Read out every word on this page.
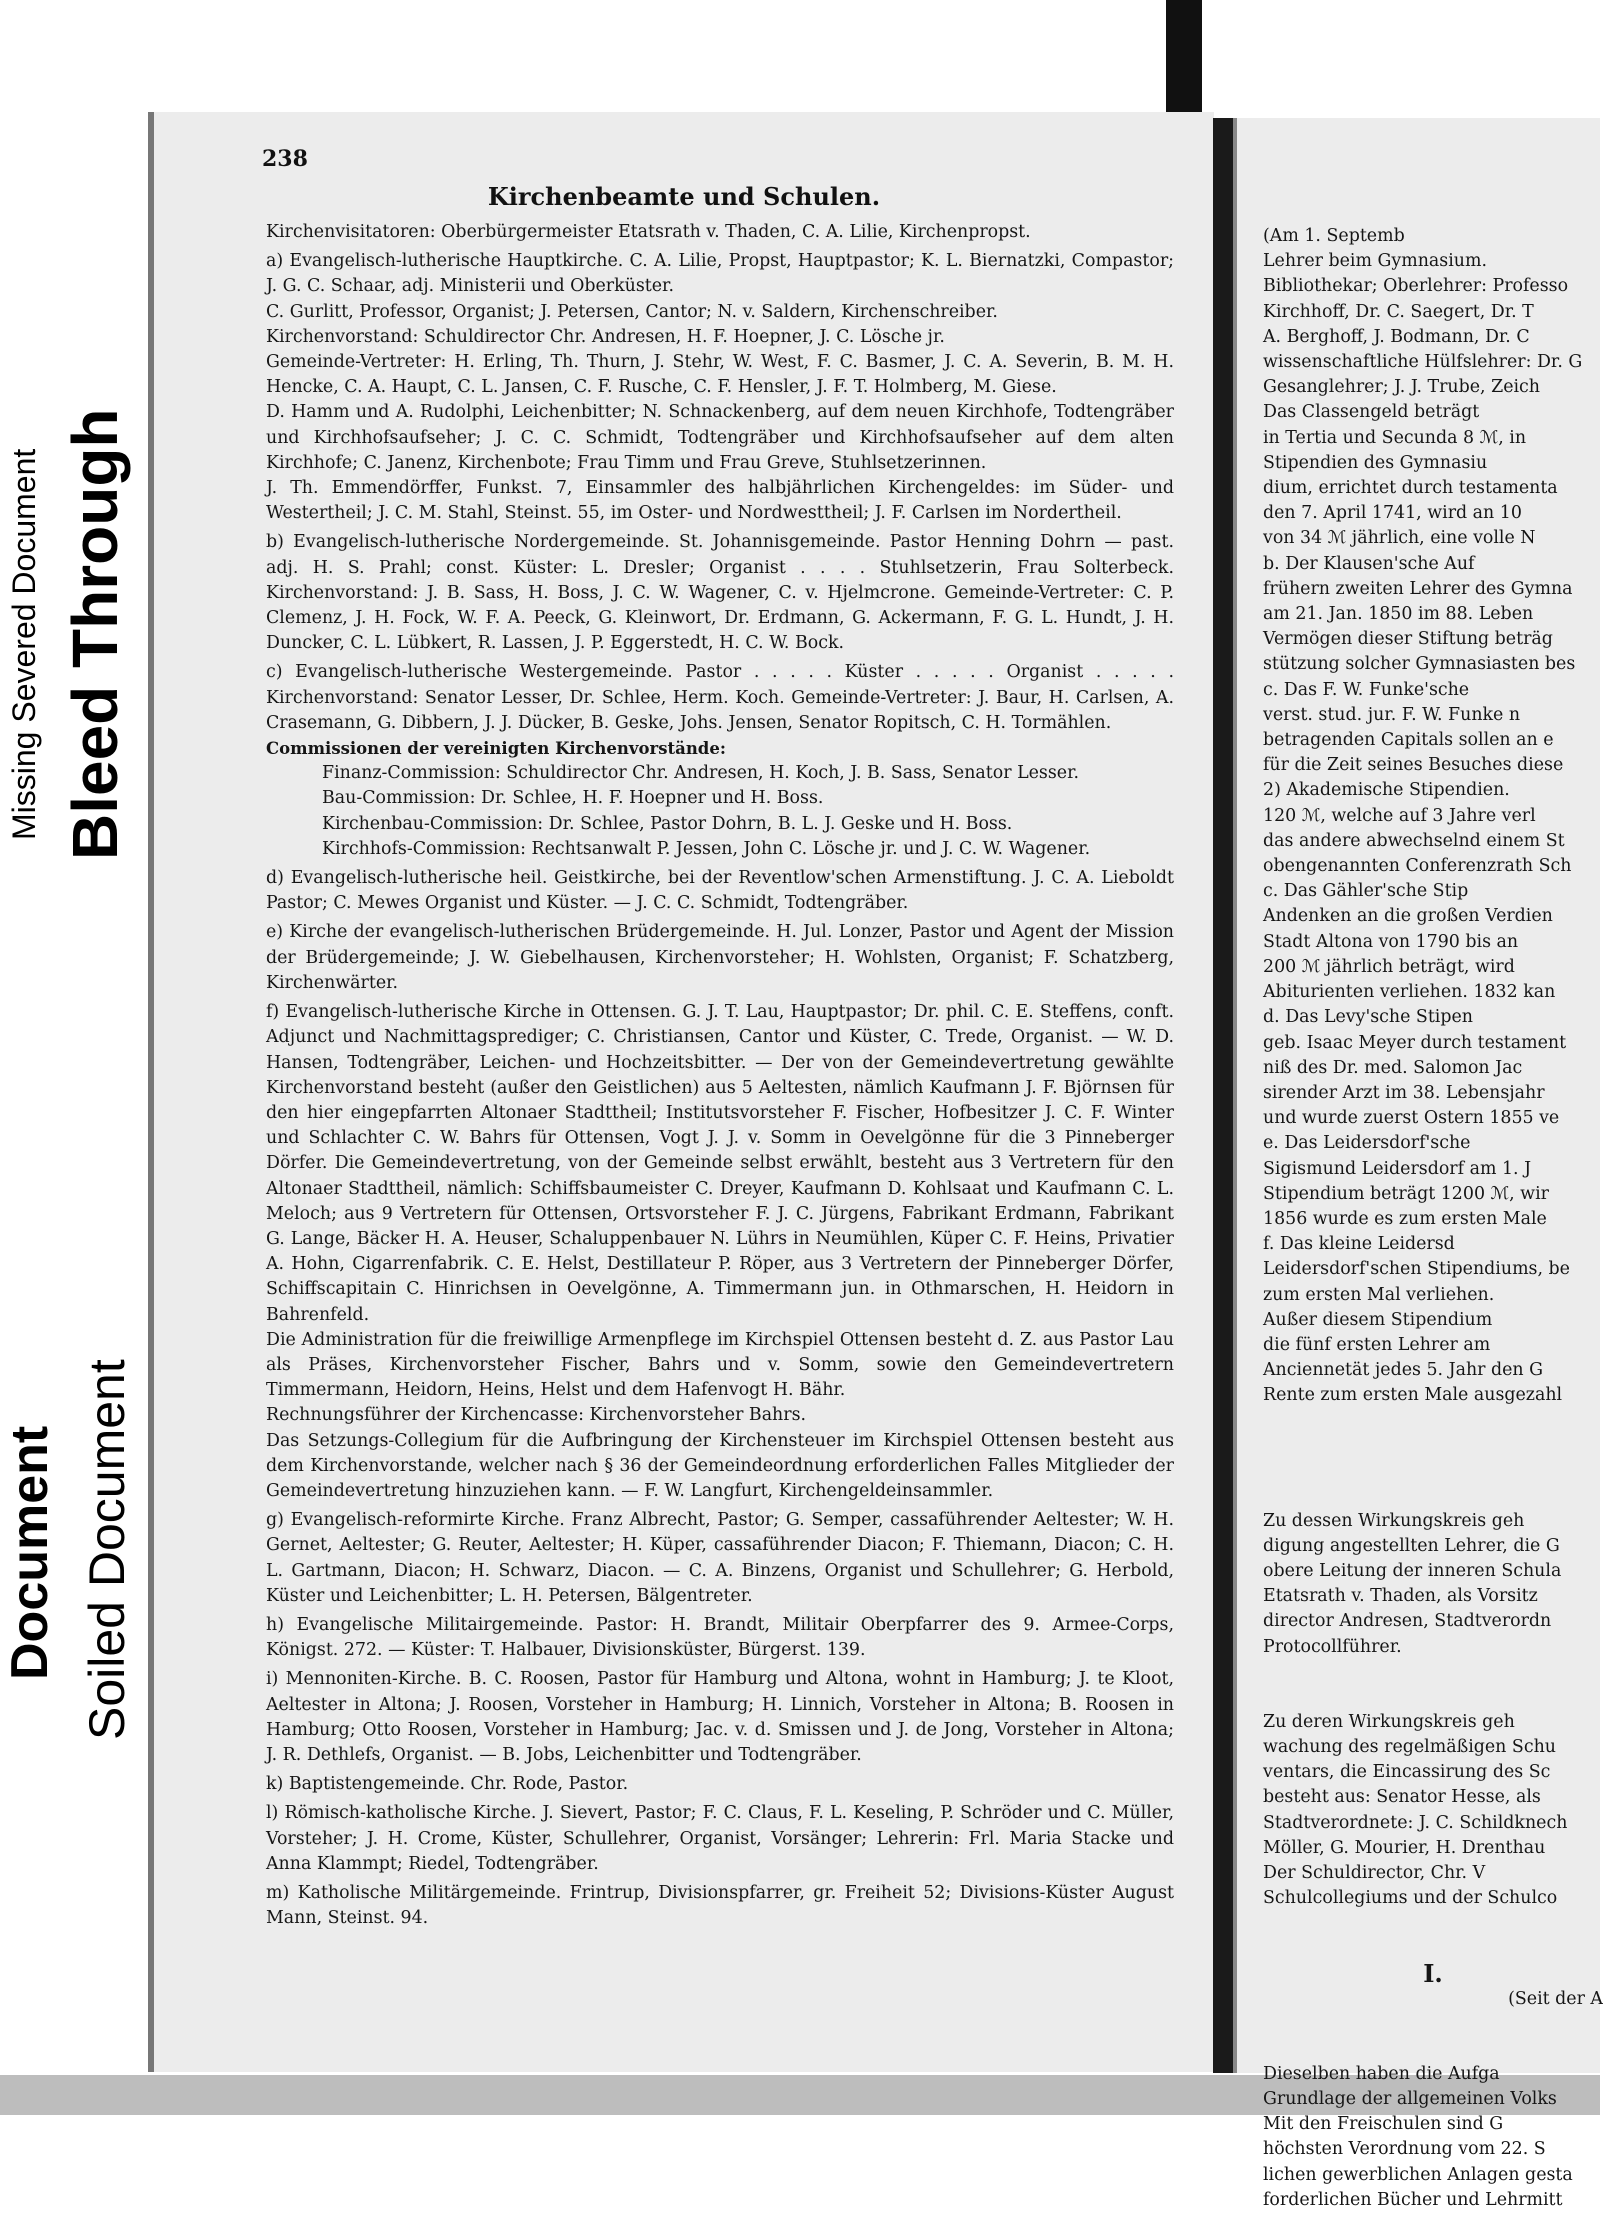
Missing Severed Document
Document
Bleed Through
Soiled Document
238
Kirchenbeamte und Schulen.

Kirchenvisitatoren: Oberbürgermeister Etatsrath v. Thaden, C. A. Lilie, Kirchenpropst.

a) Evangelisch-lutherische Hauptkirche. C. A. Lilie, Propst, Hauptpastor; K. L. Biernatzki, Compastor; J. G. C. Schaar, adj. Ministerii und Oberküster.

C. Gurlitt, Professor, Organist; J. Petersen, Cantor; N. v. Saldern, Kirchenschreiber.

Kirchenvorstand: Schuldirector Chr. Andresen, H. F. Hoepner, J. C. Lösche jr.

Gemeinde-Vertreter: H. Erling, Th. Thurn, J. Stehr, W. West, F. C. Basmer, J. C. A. Severin, B. M. H. Hencke, C. A. Haupt, C. L. Jansen, C. F. Rusche, C. F. Hensler, J. F. T. Holmberg, M. Giese.

D. Hamm und A. Rudolphi, Leichenbitter; N. Schnackenberg, auf dem neuen Kirchhofe, Todtengräber und Kirchhofsaufseher; J. C. C. Schmidt, Todtengräber und Kirchhofsaufseher auf dem alten Kirchhofe; C. Janenz, Kirchenbote; Frau Timm und Frau Greve, Stuhlsetzerinnen.

J. Th. Emmendörffer, Funkst. 7, Einsammler des halbjährlichen Kirchengeldes: im Süder- und Westertheil; J. C. M. Stahl, Steinst. 55, im Oster- und Nordwesttheil; J. F. Carlsen im Nordertheil.

b) Evangelisch-lutherische Nordergemeinde. St. Johannisgemeinde. Pastor Henning Dohrn — past. adj. H. S. Prahl; const. Küster: L. Dresler; Organist . . . . Stuhlsetzerin, Frau Solterbeck. Kirchenvorstand: J. B. Sass, H. Boss, J. C. W. Wagener, C. v. Hjelmcrone. Gemeinde-Vertreter: C. P. Clemenz, J. H. Fock, W. F. A. Peeck, G. Kleinwort, Dr. Erdmann, G. Ackermann, F. G. L. Hundt, J. H. Duncker, C. L. Lübkert, R. Lassen, J. P. Eggerstedt, H. C. W. Bock.

c) Evangelisch-lutherische Westergemeinde. Pastor . . . . . Küster . . . . . Organist . . . . . Kirchenvorstand: Senator Lesser, Dr. Schlee, Herm. Koch. Gemeinde-Vertreter: J. Baur, H. Carlsen, A. Crasemann, G. Dibbern, J. J. Dücker, B. Geske, Johs. Jensen, Senator Ropitsch, C. H. Tormählen.

Commissionen der vereinigten Kirchenvorstände:

Finanz-Commission: Schuldirector Chr. Andresen, H. Koch, J. B. Sass, Senator Lesser.

Bau-Commission: Dr. Schlee, H. F. Hoepner und H. Boss.

Kirchenbau-Commission: Dr. Schlee, Pastor Dohrn, B. L. J. Geske und H. Boss.

Kirchhofs-Commission: Rechtsanwalt P. Jessen, John C. Lösche jr. und J. C. W. Wagener.

d) Evangelisch-lutherische heil. Geistkirche, bei der Reventlow'schen Armenstiftung. J. C. A. Lieboldt Pastor; C. Mewes Organist und Küster. — J. C. C. Schmidt, Todtengräber.

e) Kirche der evangelisch-lutherischen Brüdergemeinde. H. Jul. Lonzer, Pastor und Agent der Mission der Brüdergemeinde; J. W. Giebelhausen, Kirchenvorsteher; H. Wohlsten, Organist; F. Schatzberg, Kirchenwärter.

f) Evangelisch-lutherische Kirche in Ottensen. G. J. T. Lau, Hauptpastor; Dr. phil. C. E. Steffens, conft. Adjunct und Nachmittagsprediger; C. Christiansen, Cantor und Küster, C. Trede, Organist. — W. D. Hansen, Todtengräber, Leichen- und Hochzeitsbitter. — Der von der Gemeindevertretung gewählte Kirchenvorstand besteht (außer den Geistlichen) aus 5 Aeltesten, nämlich Kaufmann J. F. Björnsen für den hier eingepfarrten Altonaer Stadttheil; Institutsvorsteher F. Fischer, Hofbesitzer J. C. F. Winter und Schlachter C. W. Bahrs für Ottensen, Vogt J. J. v. Somm in Oevelgönne für die 3 Pinneberger Dörfer. Die Gemeindevertretung, von der Gemeinde selbst erwählt, besteht aus 3 Vertretern für den Altonaer Stadttheil, nämlich: Schiffsbaumeister C. Dreyer, Kaufmann D. Kohlsaat und Kaufmann C. L. Meloch; aus 9 Vertretern für Ottensen, Ortsvorsteher F. J. C. Jürgens, Fabrikant Erdmann, Fabrikant G. Lange, Bäcker H. A. Heuser, Schaluppenbauer N. Lührs in Neumühlen, Küper C. F. Heins, Privatier A. Hohn, Cigarrenfabrik. C. E. Helst, Destillateur P. Röper, aus 3 Vertretern der Pinneberger Dörfer, Schiffscapitain C. Hinrichsen in Oevelgönne, A. Timmermann jun. in Othmarschen, H. Heidorn in Bahrenfeld.

Die Administration für die freiwillige Armenpflege im Kirchspiel Ottensen besteht d. Z. aus Pastor Lau als Präses, Kirchenvorsteher Fischer, Bahrs und v. Somm, sowie den Gemeindevertretern Timmermann, Heidorn, Heins, Helst und dem Hafenvogt H. Bähr.

Rechnungsführer der Kirchencasse: Kirchenvorsteher Bahrs.

Das Setzungs-Collegium für die Aufbringung der Kirchensteuer im Kirchspiel Ottensen besteht aus dem Kirchenvorstande, welcher nach § 36 der Gemeindeordnung erforderlichen Falles Mitglieder der Gemeindevertretung hinzuziehen kann. — F. W. Langfurt, Kirchengeldeinsammler.

g) Evangelisch-reformirte Kirche. Franz Albrecht, Pastor; G. Semper, cassaführender Aeltester; W. H. Gernet, Aeltester; G. Reuter, Aeltester; H. Küper, cassaführender Diacon; F. Thiemann, Diacon; C. H. L. Gartmann, Diacon; H. Schwarz, Diacon. — C. A. Binzens, Organist und Schullehrer; G. Herbold, Küster und Leichenbitter; L. H. Petersen, Bälgentreter.

h) Evangelische Militairgemeinde. Pastor: H. Brandt, Militair Oberpfarrer des 9. Armee-Corps, Königst. 272. — Küster: T. Halbauer, Divisionsküster, Bürgerst. 139.

i) Mennoniten-Kirche. B. C. Roosen, Pastor für Hamburg und Altona, wohnt in Hamburg; J. te Kloot, Aeltester in Altona; J. Roosen, Vorsteher in Hamburg; H. Linnich, Vorsteher in Altona; B. Roosen in Hamburg; Otto Roosen, Vorsteher in Hamburg; Jac. v. d. Smissen und J. de Jong, Vorsteher in Altona; J. R. Dethlefs, Organist. — B. Jobs, Leichenbitter und Todtengräber.

k) Baptistengemeinde. Chr. Rode, Pastor.

l) Römisch-katholische Kirche. J. Sievert, Pastor; F. C. Claus, F. L. Keseling, P. Schröder und C. Müller, Vorsteher; J. H. Crome, Küster, Schullehrer, Organist, Vorsänger; Lehrerin: Frl. Maria Stacke und Anna Klammpt; Riedel, Todtengräber.

m) Katholische Militärgemeinde. Frintrup, Divisionspfarrer, gr. Freiheit 52; Divisions-Küster August Mann, Steinst. 94.

(Am 1. Septemb

Lehrer beim Gymnasium.

Bibliothekar; Oberlehrer: Professo

Kirchhoff, Dr. C. Saegert, Dr. T

A. Berghoff, J. Bodmann, Dr. C

wissenschaftliche Hülfslehrer: Dr. G

Gesanglehrer; J. J. Trube, Zeich

Das Classengeld beträgt

in Tertia und Secunda 8 ℳ, in

Stipendien des Gymnasiu

dium, errichtet durch testamenta

den 7. April 1741, wird an 10

von 34 ℳ jährlich, eine volle N

b. Der Klausen'sche Auf

frühern zweiten Lehrer des Gymna

am 21. Jan. 1850 im 88. Leben

Vermögen dieser Stiftung beträg

stützung solcher Gymnasiasten bes

c. Das F. W. Funke'sche

verst. stud. jur. F. W. Funke n

betragenden Capitals sollen an e

für die Zeit seines Besuches diese

2) Akademische Stipendien.

120 ℳ, welche auf 3 Jahre verl

das andere abwechselnd einem St

obengenannten Conferenzrath Sch

c. Das Gähler'sche Stip

Andenken an die großen Verdien

Stadt Altona von 1790 bis an

200 ℳ jährlich beträgt, wird

Abiturienten verliehen. 1832 kan

d. Das Levy'sche Stipen

geb. Isaac Meyer durch testament

niß des Dr. med. Salomon Jac

sirender Arzt im 38. Lebensjahr

und wurde zuerst Ostern 1855 ve

e. Das Leidersdorf'sche

Sigismund Leidersdorf am 1. J

Stipendium beträgt 1200 ℳ, wir

1856 wurde es zum ersten Male

f. Das kleine Leidersd

Leidersdorf'schen Stipendiums, be

zum ersten Mal verliehen.

Außer diesem Stipendium

die fünf ersten Lehrer am

Anciennetät jedes 5. Jahr den G

Rente zum ersten Male ausgezahl

Zu dessen Wirkungskreis geh

digung angestellten Lehrer, die G

obere Leitung der inneren Schula

Etatsrath v. Thaden, als Vorsitz

director Andresen, Stadtverordn

Protocollführer.

Zu deren Wirkungskreis geh

wachung des regelmäßigen Schu

ventars, die Eincassirung des Sc

besteht aus: Senator Hesse, als

Stadtverordnete: J. C. Schildknech

Möller, G. Mourier, H. Drenthau

Der Schuldirector, Chr. V

Schulcollegiums und der Schulco

I.

(Seit der A

Dieselben haben die Aufga

Grundlage der allgemeinen Volks

Mit den Freischulen sind G

höchsten Verordnung vom 22. S

lichen gewerblichen Anlagen gesta

forderlichen Bücher und Lehrmitt
